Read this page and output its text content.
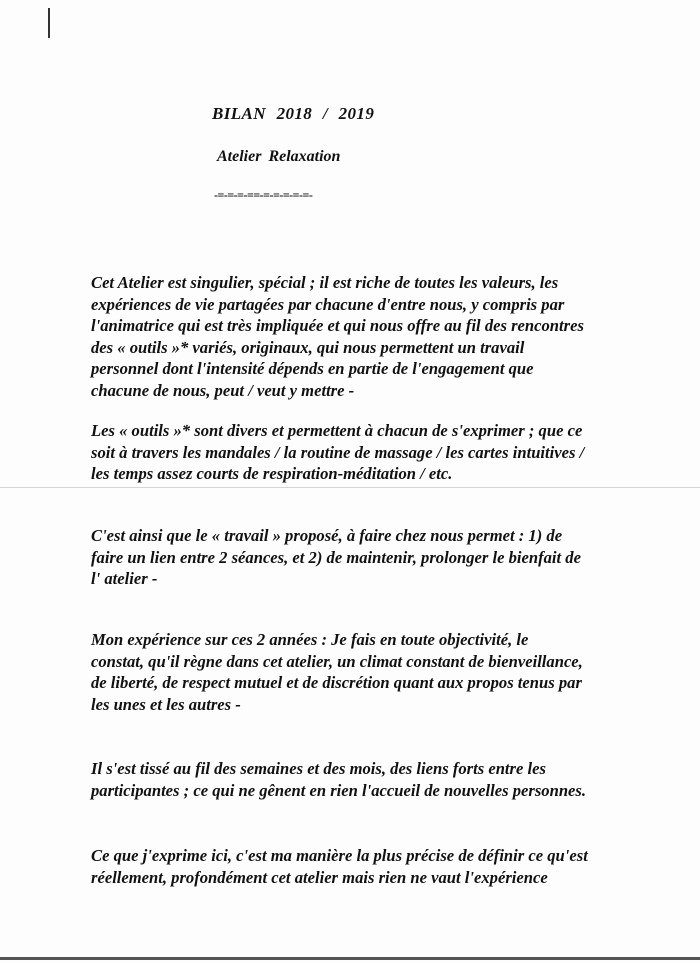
BILAN 2018 / 2019
Atelier Relaxation
-=-=-=-==-=-=-=-=-=-

Cet Atelier est singulier, spécial ; il est riche de toutes les valeurs, les
expériences de vie partagées par chacune d'entre nous, y compris par
l'animatrice qui est très impliquée et qui nous offre au fil des rencontres
des « outils »* variés, originaux, qui nous permettent un travail
personnel dont l'intensité dépends en partie de l'engagement que
chacune de nous, peut / veut y mettre -

Les « outils »* sont divers et permettent à chacun de s'exprimer ; que ce
soit à travers les mandales / la routine de massage / les cartes intuitives /
les temps assez courts de respiration-méditation / etc.

C'est ainsi que le « travail » proposé, à faire chez nous permet : 1) de
faire un lien entre 2 séances, et 2) de maintenir, prolonger le bienfait de
l' atelier -

Mon expérience sur ces 2 années : Je fais en toute objectivité, le
constat, qu'il règne dans cet atelier, un climat constant de bienveillance,
de liberté, de respect mutuel et de discrétion quant aux propos tenus par
les unes et les autres -

Il s'est tissé au fil des semaines et des mois, des liens forts entre les
participantes ; ce qui ne gênent en rien l'accueil de nouvelles personnes.

Ce que j'exprime ici, c'est ma manière la plus précise de définir ce qu'est
réellement, profondément cet atelier mais rien ne vaut l'expérience
